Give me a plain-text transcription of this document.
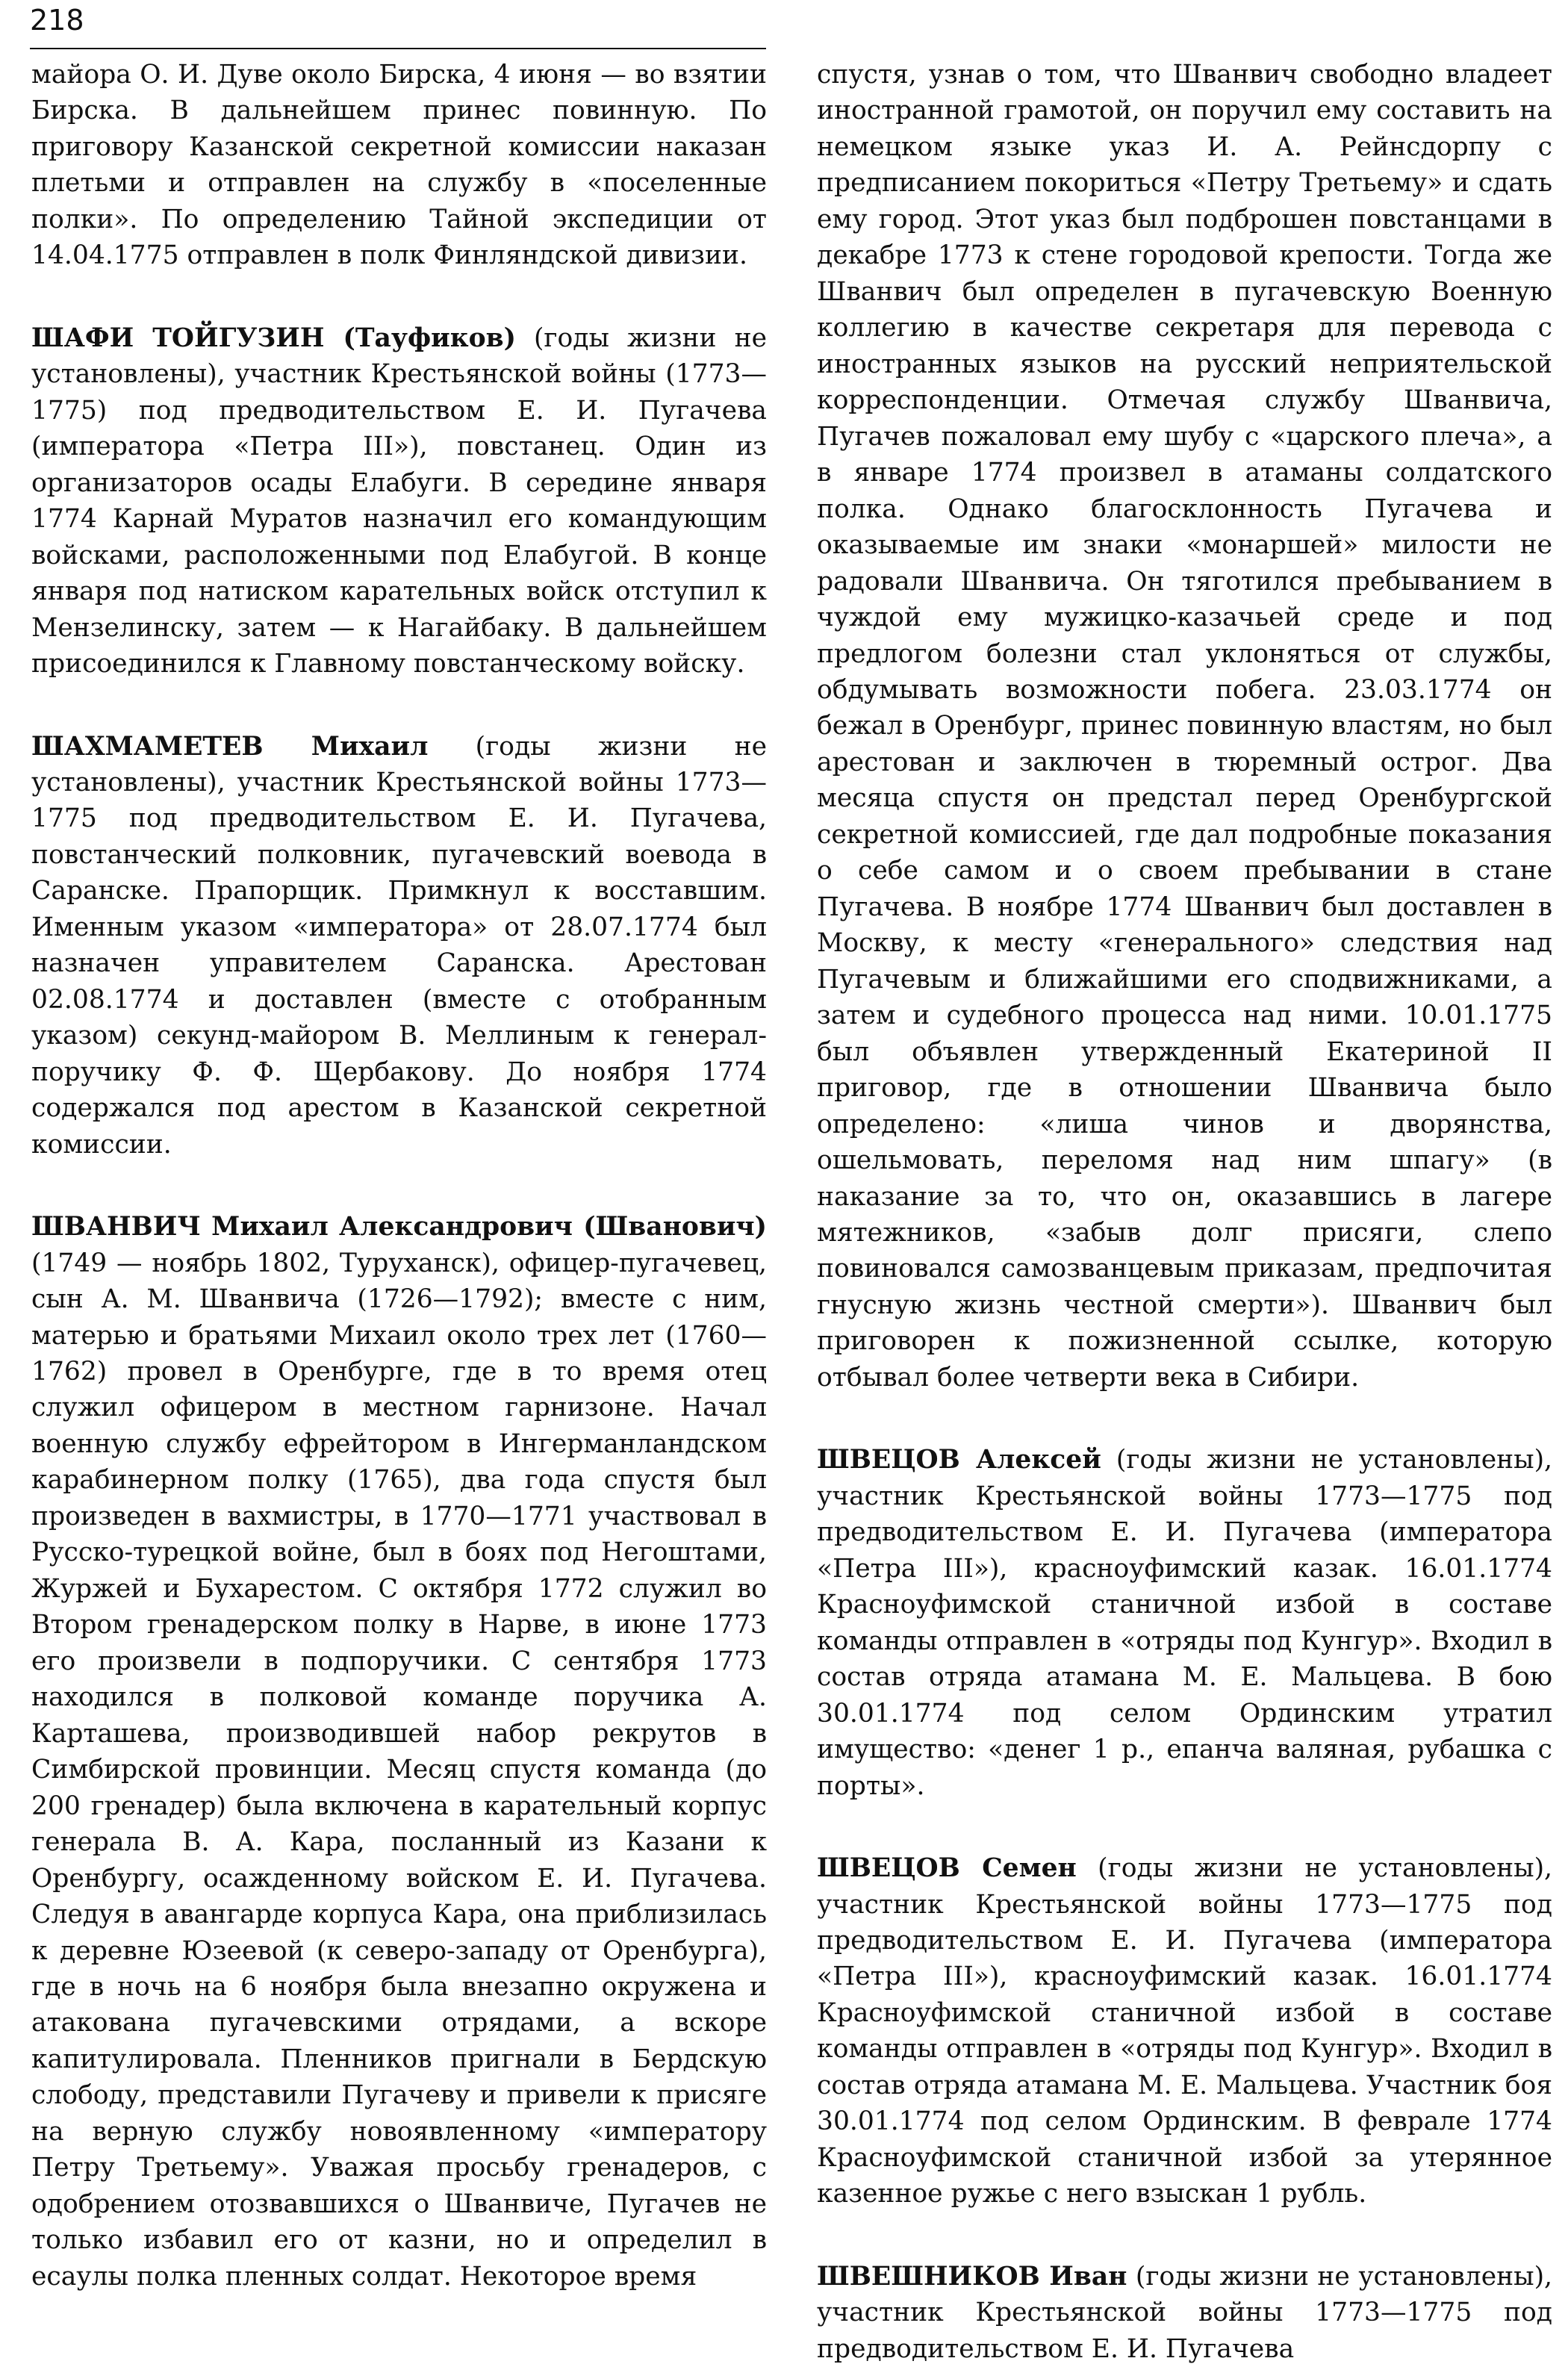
218

майора О. И. Дуве около Бирска, 4 июня — во взятии Бирска. В дальнейшем принес повинную. По приговору Казанской секретной комиссии наказан плетьми и отправлен на службу в «поселенные полки». По определению Тайной экспедиции от 14.04.1775 отправлен в полк Финляндской дивизии.

ШАФИ ТОЙГУЗИН (Тауфиков) (годы жизни не установлены), участник Крестьянской войны (1773—1775) под предводительством Е. И. Пугачева (императора «Петра III»), повстанец. Один из организаторов осады Елабуги. В середине января 1774 Карнай Муратов назначил его командующим войсками, расположенными под Елабугой. В конце января под натиском карательных войск отступил к Мензелинску, затем — к Нагайбаку. В дальнейшем присоединился к Главному повстанческому войску.

ШАХМАМЕТЕВ Михаил (годы жизни не установлены), участник Крестьянской войны 1773—1775 под предводительством Е. И. Пугачева, повстанческий полковник, пугачевский воевода в Саранске. Прапорщик. Примкнул к восставшим. Именным указом «императора» от 28.07.1774 был назначен управителем Саранска. Арестован 02.08.1774 и доставлен (вместе с отобранным указом) секунд-майором В. Меллиным к генерал-поручику Ф. Ф. Щербакову. До ноября 1774 содержался под арестом в Казанской секретной комиссии.

ШВАНВИЧ Михаил Александрович (Шванович) (1749 — ноябрь 1802, Туруханск), офицер-пугачевец, сын А. М. Шванвича (1726—1792); вместе с ним, матерью и братьями Михаил около трех лет (1760—1762) провел в Оренбурге, где в то время отец служил офицером в местном гарнизоне. Начал военную службу ефрейтором в Ингерманландском карабинерном полку (1765), два года спустя был произведен в вахмистры, в 1770—1771 участвовал в Русско-турецкой войне, был в боях под Негоштами, Журжей и Бухарестом. С октября 1772 служил во Втором гренадерском полку в Нарве, в июне 1773 его произвели в подпоручики. С сентября 1773 находился в полковой команде поручика А. Карташева, производившей набор рекрутов в Симбирской провинции. Месяц спустя команда (до 200 гренадер) была включена в карательный корпус генерала В. А. Кара, посланный из Казани к Оренбургу, осажденному войском Е. И. Пугачева. Следуя в авангарде корпуса Кара, она приблизилась к деревне Юзеевой (к северо-западу от Оренбурга), где в ночь на 6 ноября была внезапно окружена и атакована пугачевскими отрядами, а вскоре капитулировала. Пленников пригнали в Бердскую слободу, представили Пугачеву и привели к присяге на верную службу новоявленному «императору Петру Третьему». Уважая просьбу гренадеров, с одобрением отозвавшихся о Шванвиче, Пугачев не только избавил его от казни, но и определил в есаулы полка пленных солдат. Некоторое время

спустя, узнав о том, что Шванвич свободно владеет иностранной грамотой, он поручил ему составить на немецком языке указ И. А. Рейнсдорпу с предписанием покориться «Петру Третьему» и сдать ему город. Этот указ был подброшен повстанцами в декабре 1773 к стене городовой крепости. Тогда же Шванвич был определен в пугачевскую Военную коллегию в качестве секретаря для перевода с иностранных языков на русский неприятельской корреспонденции. Отмечая службу Шванвича, Пугачев пожаловал ему шубу с «царского плеча», а в январе 1774 произвел в атаманы солдатского полка. Однако благосклонность Пугачева и оказываемые им знаки «монаршей» милости не радовали Шванвича. Он тяготился пребыванием в чуждой ему мужицко-казачьей среде и под предлогом болезни стал уклоняться от службы, обдумывать возможности побега. 23.03.1774 он бежал в Оренбург, принес повинную властям, но был арестован и заключен в тюремный острог. Два месяца спустя он предстал перед Оренбургской секретной комиссией, где дал подробные показания о себе самом и о своем пребывании в стане Пугачева. В ноябре 1774 Шванвич был доставлен в Москву, к месту «генерального» следствия над Пугачевым и ближайшими его сподвижниками, а затем и судебного процесса над ними. 10.01.1775 был объявлен утвержденный Екатериной II приговор, где в отношении Шванвича было определено: «лиша чинов и дворянства, ошельмовать, переломя над ним шпагу» (в наказание за то, что он, оказавшись в лагере мятежников, «забыв долг присяги, слепо повиновался самозванцевым приказам, предпочитая гнусную жизнь честной смерти»). Шванвич был приговорен к пожизненной ссылке, которую отбывал более четверти века в Сибири.

ШВЕЦОВ Алексей (годы жизни не установлены), участник Крестьянской войны 1773—1775 под предводительством Е. И. Пугачева (императора «Петра III»), красноуфимский казак. 16.01.1774 Красноуфимской станичной избой в составе команды отправлен в «отряды под Кунгур». Входил в состав отряда атамана М. Е. Мальцева. В бою 30.01.1774 под селом Ординским утратил имущество: «денег 1 р., епанча валяная, рубашка с порты».

ШВЕЦОВ Семен (годы жизни не установлены), участник Крестьянской войны 1773—1775 под предводительством Е. И. Пугачева (императора «Петра III»), красноуфимский казак. 16.01.1774 Красноуфимской станичной избой в составе команды отправлен в «отряды под Кунгур». Входил в состав отряда атамана М. Е. Мальцева. Участник боя 30.01.1774 под селом Ординским. В феврале 1774 Красноуфимской станичной избой за утерянное казенное ружье с него взыскан 1 рубль.

ШВЕШНИКОВ Иван (годы жизни не установлены), участник Крестьянской войны 1773—1775 под предводительством Е. И. Пугачева
